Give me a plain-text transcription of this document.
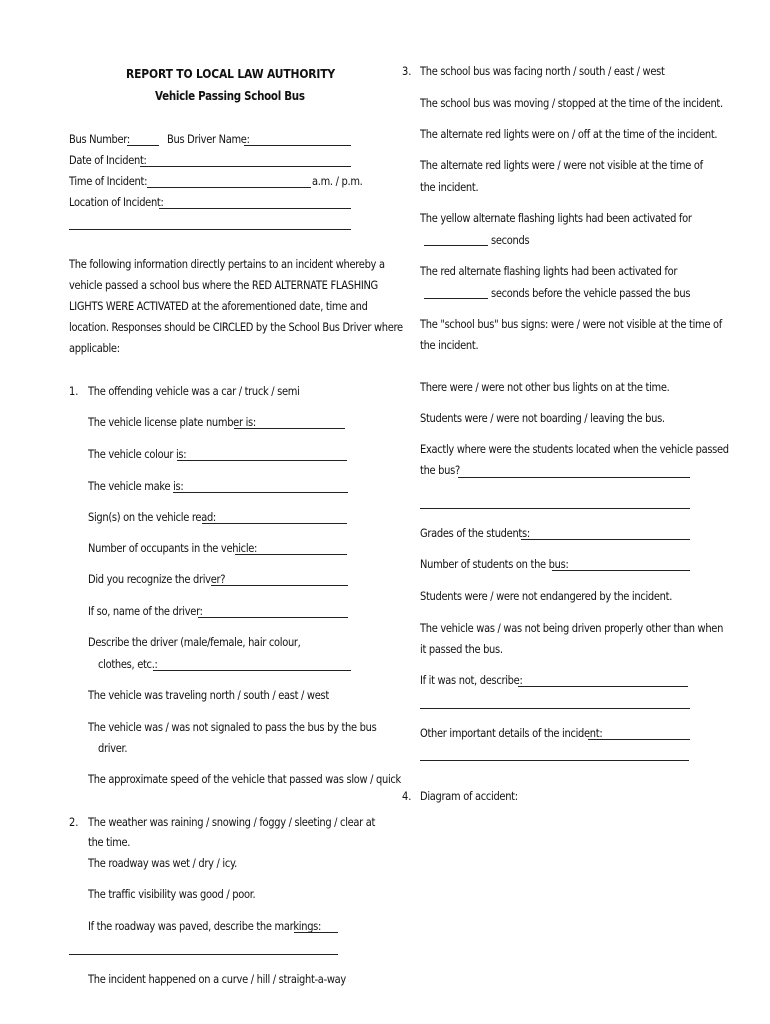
REPORT TO LOCAL LAW AUTHORITY
Vehicle Passing School Bus
Bus Number:	Bus Driver Name:
Date of Incident:
Time of Incident:	a.m. / p.m.
Location of Incident:
The following information directly pertains to an incident whereby a
vehicle passed a school bus where the RED ALTERNATE FLASHING
LIGHTS WERE ACTIVATED at the aforementioned date, time and
location. Responses should be CIRCLED by the School Bus Driver where
applicable:
1. The offending vehicle was a car / truck / semi
The vehicle license plate number is:
The vehicle colour is:
The vehicle make is:
Sign(s) on the vehicle read:
Number of occupants in the vehicle:
Did you recognize the driver?
If so, name of the driver:
Describe the driver (male/female, hair colour,
clothes, etc.:
The vehicle was traveling north / south / east / west
The vehicle was / was not signaled to pass the bus by the bus
driver.
The approximate speed of the vehicle that passed was slow / quick
2. The weather was raining / snowing / foggy / sleeting / clear at
the time.
The roadway was wet / dry / icy.
The traffic visibility was good / poor.
If the roadway was paved, describe the markings:
The incident happened on a curve / hill / straight-a-way
3. The school bus was facing north / south / east / west
The school bus was moving / stopped at the time of the incident.
The alternate red lights were on / off at the time of the incident.
The alternate red lights were / were not visible at the time of
the incident.
The yellow alternate flashing lights had been activated for
seconds
The red alternate flashing lights had been activated for
seconds before the vehicle passed the bus
The "school bus" bus signs: were / were not visible at the time of
the incident.
There were / were not other bus lights on at the time.
Students were / were not boarding / leaving the bus.
Exactly where were the students located when the vehicle passed
the bus?
Grades of the students:
Number of students on the bus:
Students were / were not endangered by the incident.
The vehicle was / was not being driven properly other than when
it passed the bus.
If it was not, describe:
Other important details of the incident:
4. Diagram of accident:
